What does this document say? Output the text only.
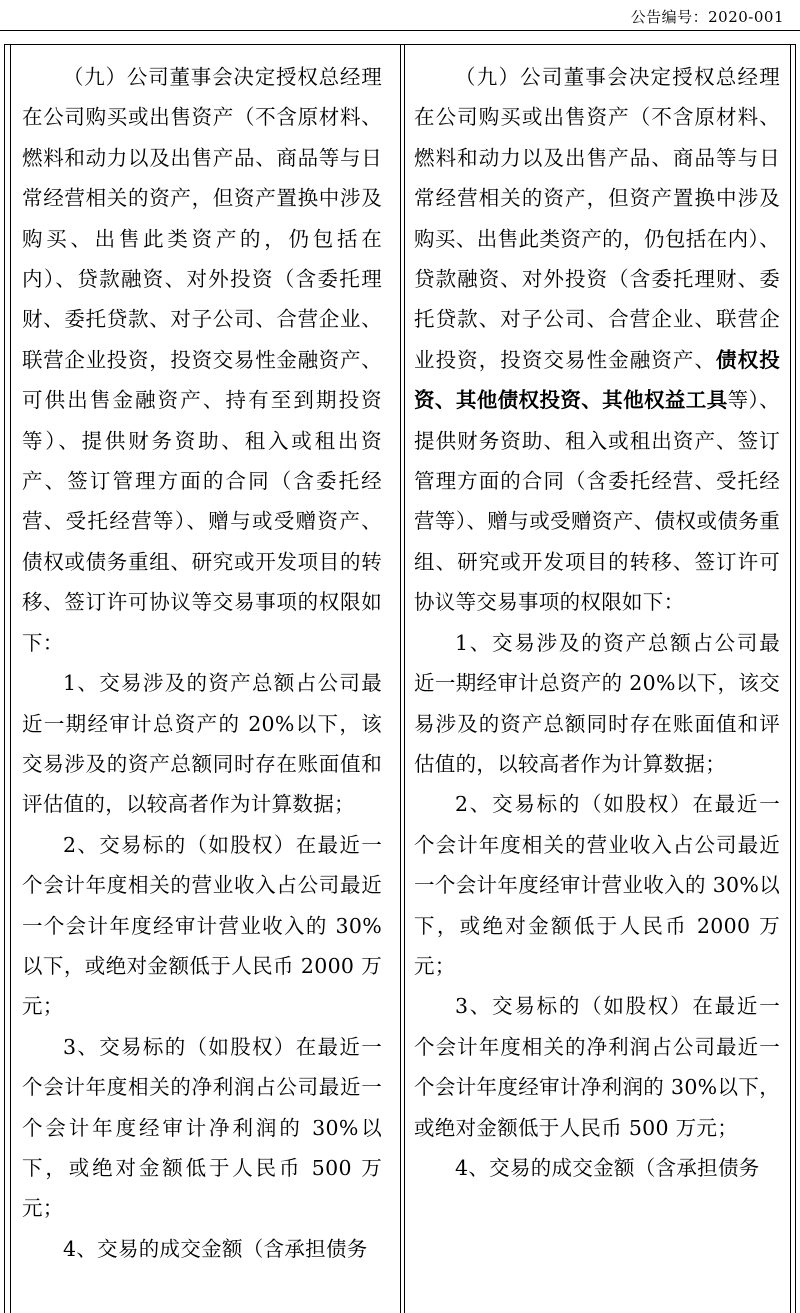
公告编号：2020-001

（九）公司董事会决定授权总经理在公司购买或出售资产（不含原材料、燃料和动力以及出售产品、商品等与日常经营相关的资产，但资产置换中涉及购买、出售此类资产的，仍包括在内）、贷款融资、对外投资（含委托理财、委托贷款、对子公司、合营企业、联营企业投资，投资交易性金融资产、可供出售金融资产、持有至到期投资等）、提供财务资助、租入或租出资产、签订管理方面的合同（含委托经营、受托经营等）、赠与或受赠资产、债权或债务重组、研究或开发项目的转移、签订许可协议等交易事项的权限如下：

1、交易涉及的资产总额占公司最近一期经审计总资产的 20%以下，该交易涉及的资产总额同时存在账面值和评估值的，以较高者作为计算数据；

2、交易标的（如股权）在最近一个会计年度相关的营业收入占公司最近一个会计年度经审计营业收入的 30%以下，或绝对金额低于人民币 2000 万元；

3、交易标的（如股权）在最近一个会计年度相关的净利润占公司最近一个会计年度经审计净利润的 30%以下，或绝对金额低于人民币 500 万元；

4、交易的成交金额（含承担债务

（九）公司董事会决定授权总经理在公司购买或出售资产（不含原材料、燃料和动力以及出售产品、商品等与日常经营相关的资产，但资产置换中涉及购买、出售此类资产的，仍包括在内）、贷款融资、对外投资（含委托理财、委托贷款、对子公司、合营企业、联营企业投资，投资交易性金融资产、债权投资、其他债权投资、其他权益工具等）、提供财务资助、租入或租出资产、签订管理方面的合同（含委托经营、受托经营等）、赠与或受赠资产、债权或债务重组、研究或开发项目的转移、签订许可协议等交易事项的权限如下：

1、交易涉及的资产总额占公司最近一期经审计总资产的 20%以下，该交易涉及的资产总额同时存在账面值和评估值的，以较高者作为计算数据；

2、交易标的（如股权）在最近一个会计年度相关的营业收入占公司最近一个会计年度经审计营业收入的 30%以下，或绝对金额低于人民币 2000 万元；

3、交易标的（如股权）在最近一个会计年度相关的净利润占公司最近一个会计年度经审计净利润的 30%以下，或绝对金额低于人民币 500 万元；

4、交易的成交金额（含承担债务
